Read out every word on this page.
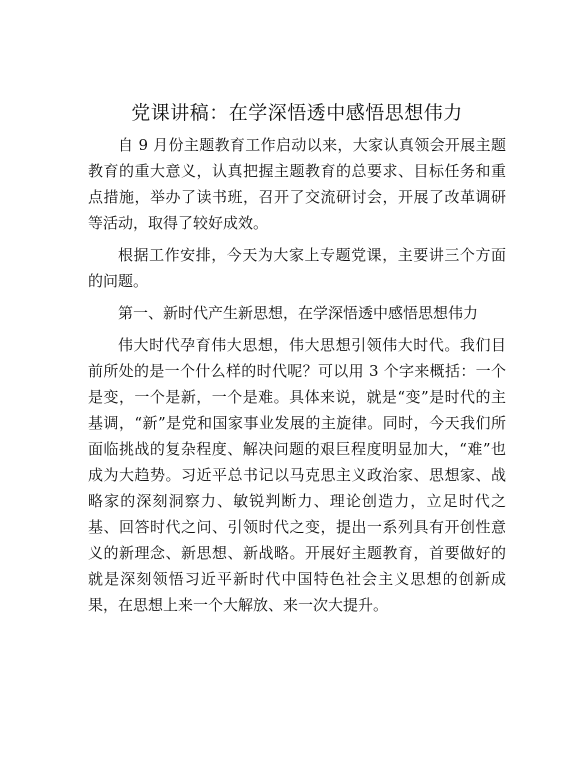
党课讲稿：在学深悟透中感悟思想伟力

自 9 月份主题教育工作启动以来，大家认真领会开展主题教育的重大意义，认真把握主题教育的总要求、目标任务和重点措施，举办了读书班，召开了交流研讨会，开展了改革调研等活动，取得了较好成效。

根据工作安排，今天为大家上专题党课，主要讲三个方面的问题。

第一、新时代产生新思想，在学深悟透中感悟思想伟力

伟大时代孕育伟大思想，伟大思想引领伟大时代。我们目前所处的是一个什么样的时代呢？可以用 3 个字来概括：一个是变，一个是新，一个是难。具体来说，就是“变”是时代的主基调，“新”是党和国家事业发展的主旋律。同时，今天我们所面临挑战的复杂程度、解决问题的艰巨程度明显加大，“难”也成为大趋势。习近平总书记以马克思主义政治家、思想家、战略家的深刻洞察力、敏锐判断力、理论创造力，立足时代之基、回答时代之问、引领时代之变，提出一系列具有开创性意义的新理念、新思想、新战略。开展好主题教育，首要做好的就是深刻领悟习近平新时代中国特色社会主义思想的创新成果，在思想上来一个大解放、来一次大提升。
